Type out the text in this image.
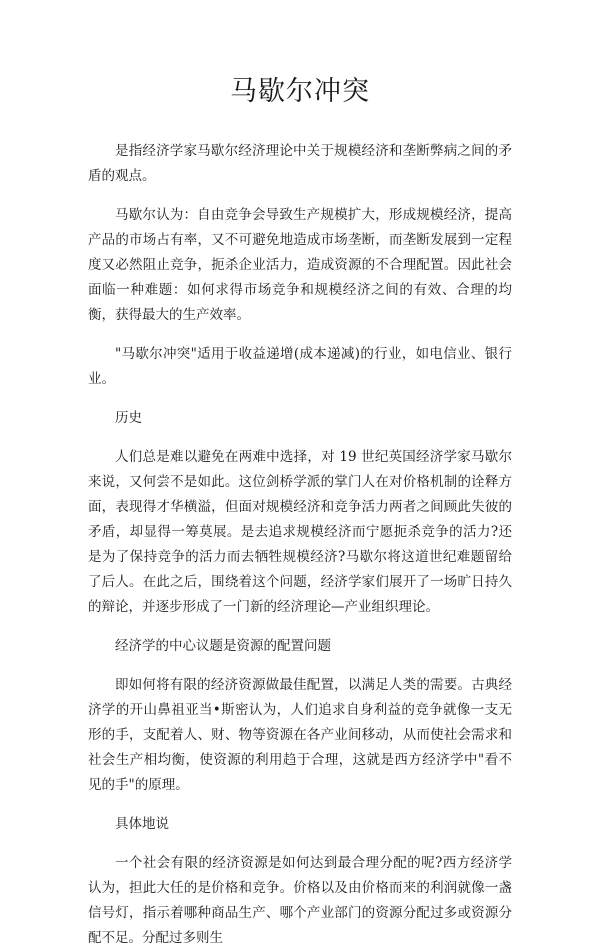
马歇尔冲突

是指经济学家马歇尔经济理论中关于规模经济和垄断弊病之间的矛盾的观点。

马歇尔认为：自由竞争会导致生产规模扩大，形成规模经济，提高产品的市场占有率，又不可避免地造成市场垄断，而垄断发展到一定程度又必然阻止竞争，扼杀企业活力，造成资源的不合理配置。因此社会面临一种难题：如何求得市场竞争和规模经济之间的有效、合理的均衡，获得最大的生产效率。

"马歇尔冲突"适用于收益递增(成本递减)的行业，如电信业、银行业。

历史

人们总是难以避免在两难中选择，对 19 世纪英国经济学家马歇尔来说，又何尝不是如此。这位剑桥学派的掌门人在对价格机制的诠释方面，表现得才华横溢，但面对规模经济和竞争活力两者之间顾此失彼的矛盾，却显得一筹莫展。是去追求规模经济而宁愿扼杀竞争的活力?还是为了保持竞争的活力而去牺牲规模经济?马歇尔将这道世纪难题留给了后人。在此之后，围绕着这个问题，经济学家们展开了一场旷日持久的辩论，并逐步形成了一门新的经济理论—产业组织理论。

经济学的中心议题是资源的配置问题

即如何将有限的经济资源做最佳配置，以满足人类的需要。古典经济学的开山鼻祖亚当•斯密认为，人们追求自身利益的竞争就像一支无形的手，支配着人、财、物等资源在各产业间移动，从而使社会需求和社会生产相均衡，使资源的利用趋于合理，这就是西方经济学中"看不见的手"的原理。

具体地说

一个社会有限的经济资源是如何达到最合理分配的呢?西方经济学认为，担此大任的是价格和竞争。价格以及由价格而来的利润就像一盏信号灯，指示着哪种商品生产、哪个产业部门的资源分配过多或资源分配不足。分配过多则生
